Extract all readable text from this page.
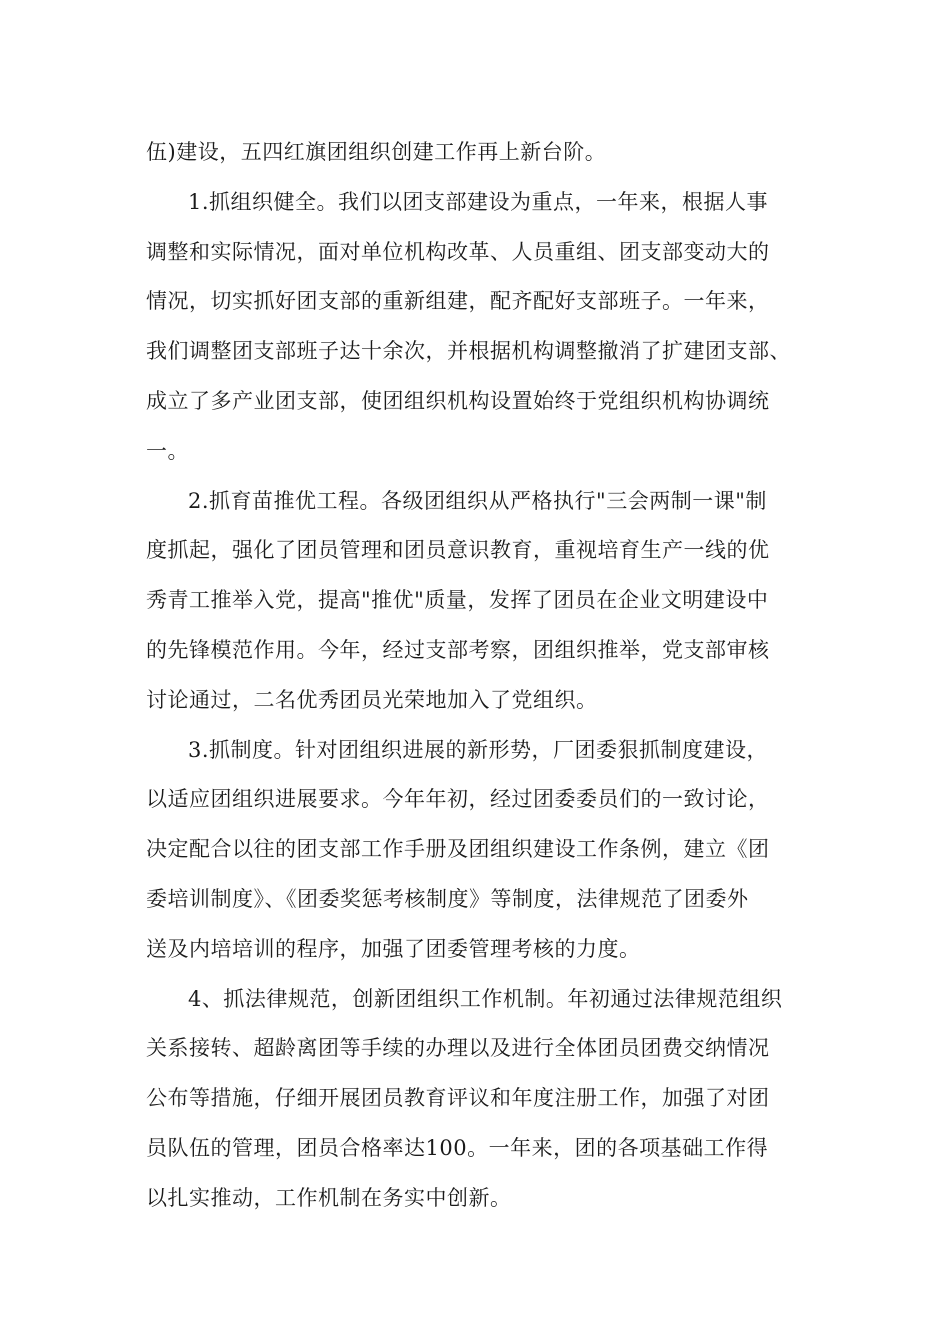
伍)建设，五四红旗团组织创建工作再上新台阶。
1.抓组织健全。我们以团支部建设为重点，一年来，根据人事
调整和实际情况，面对单位机构改革、人员重组、团支部变动大的
情况，切实抓好团支部的重新组建，配齐配好支部班子。一年来，
我们调整团支部班子达十余次，并根据机构调整撤消了扩建团支部、
成立了多产业团支部，使团组织机构设置始终于党组织机构协调统
一。
2.抓育苗推优工程。各级团组织从严格执行"三会两制一课"制
度抓起，强化了团员管理和团员意识教育，重视培育生产一线的优
秀青工推举入党，提高"推优"质量，发挥了团员在企业文明建设中
的先锋模范作用。今年，经过支部考察，团组织推举，党支部审核
讨论通过，二名优秀团员光荣地加入了党组织。
3.抓制度。针对团组织进展的新形势，厂团委狠抓制度建设，
以适应团组织进展要求。今年年初，经过团委委员们的一致讨论，
决定配合以往的团支部工作手册及团组织建设工作条例，建立《团
委培训制度》、《团委奖惩考核制度》等制度，法律规范了团委外
送及内培培训的程序，加强了团委管理考核的力度。
4、抓法律规范，创新团组织工作机制。年初通过法律规范组织
关系接转、超龄离团等手续的办理以及进行全体团员团费交纳情况
公布等措施，仔细开展团员教育评议和年度注册工作，加强了对团
员队伍的管理，团员合格率达100。一年来，团的各项基础工作得
以扎实推动，工作机制在务实中创新。
